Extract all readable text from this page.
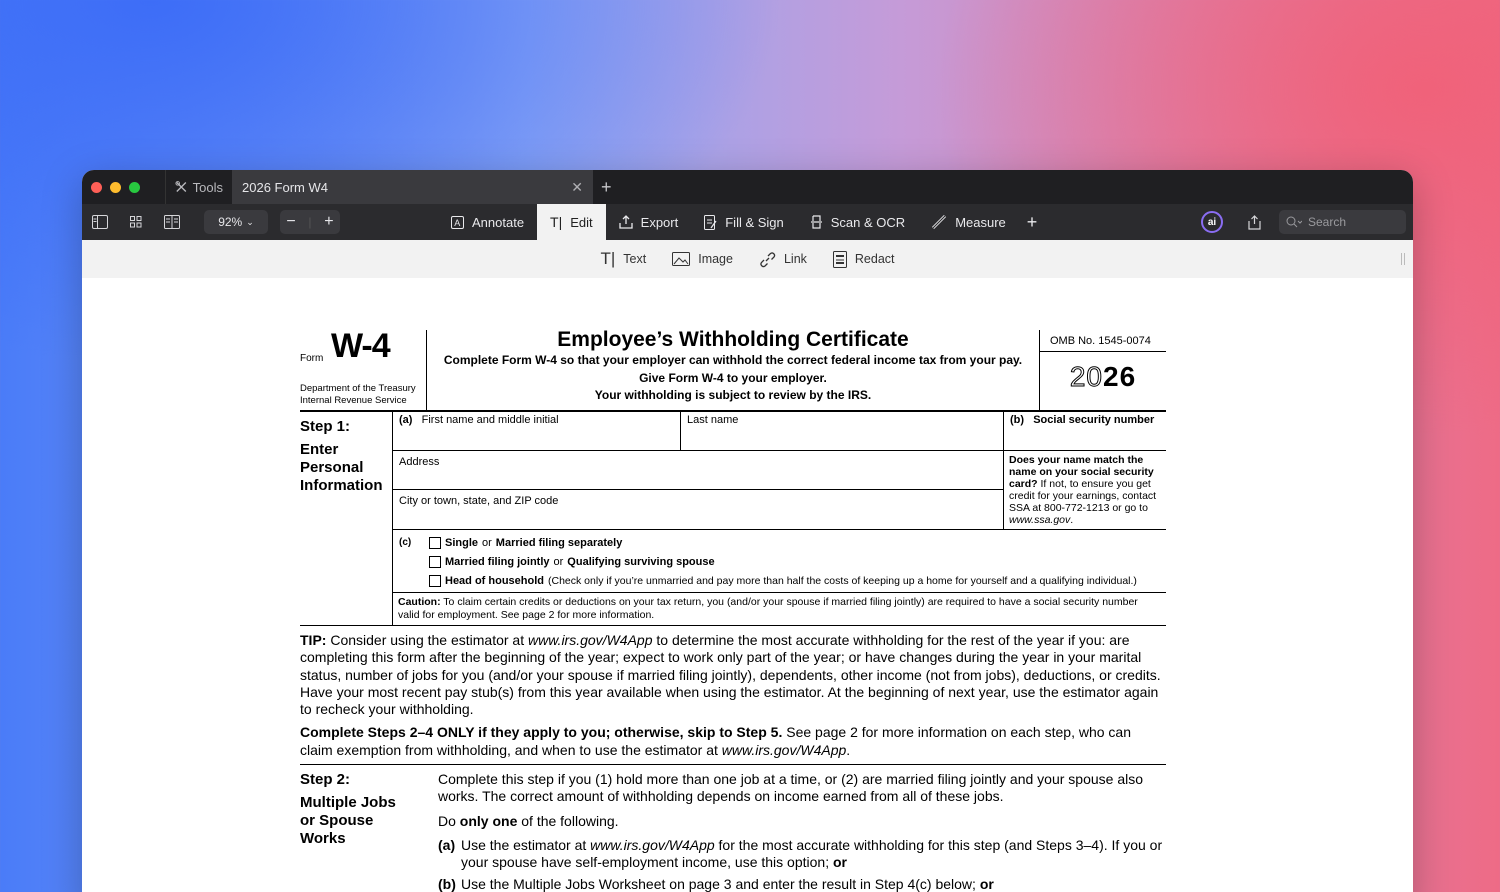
Tools 2026 Form W4	✕	+
92% ⌄ − | +	A Annotate T| Edit	Export	Fill & Sign	Scan & OCR	Measure	+	ai	Search
T| Text	Image	Link	Redact
Form W-4
Department of the Treasury
Internal Revenue Service
Employee’s Withholding Certificate

Complete Form W-4 so that your employer can withhold the correct federal income tax from your pay.

Give Form W-4 to your employer.

Your withholding is subject to review by the IRS.

OMB No. 1545-0074
2026
Step 1:
Enter
Personal
Information
(a) First name and middle initial	Last name	(b) Social security number
Address
City or town, state, and ZIP code
Does your name match the name on your social security card? If not, to ensure you get credit for your earnings, contact SSA at 800-772-1213 or go to www.ssa.gov.
(c)	Single or Married filing separately
Married filing jointly or Qualifying surviving spouse
Head of household (Check only if you’re unmarried and pay more than half the costs of keeping up a home for yourself and a qualifying individual.)
Caution: To claim certain credits or deductions on your tax return, you (and/or your spouse if married filing jointly) are required to have a social security number valid for employment. See page 2 for more information.
TIP: Consider using the estimator at www.irs.gov/W4App to determine the most accurate withholding for the rest of the year if you: are completing this form after the beginning of the year; expect to work only part of the year; or have changes during the year in your marital status, number of jobs for you (and/or your spouse if married filing jointly), dependents, other income (not from jobs), deductions, or credits. Have your most recent pay stub(s) from this year available when using the estimator. At the beginning of next year, use the estimator again to recheck your withholding.
Complete Steps 2–4 ONLY if they apply to you; otherwise, skip to Step 5. See page 2 for more information on each step, who can claim exemption from withholding, and when to use the estimator at www.irs.gov/W4App.
Step 2:
Multiple Jobs
or Spouse
Works

Complete this step if you (1) hold more than one job at a time, or (2) are married filing jointly and your spouse also works. The correct amount of withholding depends on income earned from all of these jobs.

Do only one of the following.

(a) Use the estimator at www.irs.gov/W4App for the most accurate withholding for this step (and Steps 3–4). If you or your spouse have self-employment income, use this option; or
(b) Use the Multiple Jobs Worksheet on page 3 and enter the result in Step 4(c) below; or
